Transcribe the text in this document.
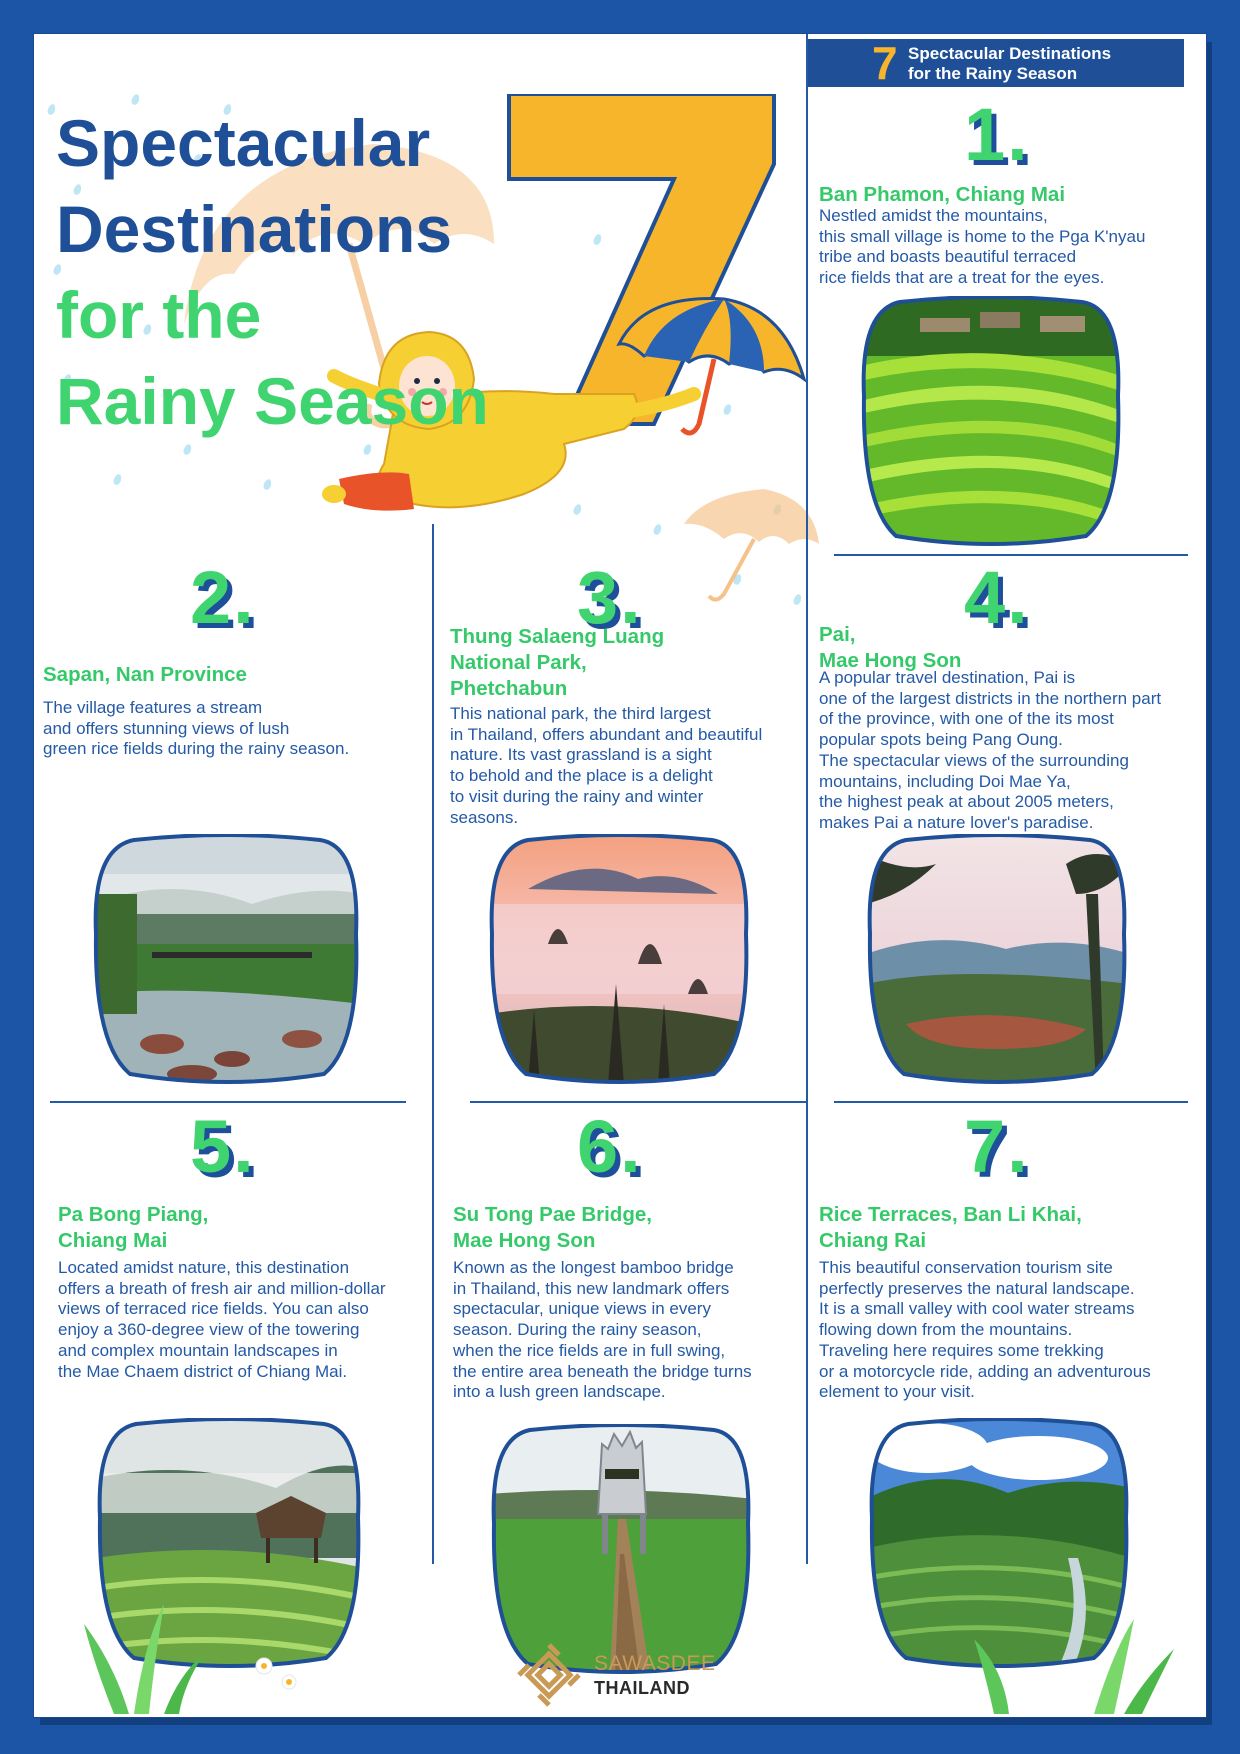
Spectacular
Destinations
for the
Rainy Season
7 Spectacular Destinations
for the Rainy Season
1.
Ban Phamon, Chiang Mai
Nestled amidst the mountains,
this small village is home to the Pga K'nyau
tribe and boasts beautiful terraced
rice fields that are a treat for the eyes.
2.
Sapan, Nan Province
The village features a stream
and offers stunning views of lush
green rice fields during the rainy season.
3.
Thung Salaeng Luang
National Park,
Phetchabun
This national park, the third largest
in Thailand, offers abundant and beautiful
nature. Its vast grassland is a sight
to behold and the place is a delight
to visit during the rainy and winter
seasons.
4.
Pai,
Mae Hong Son
A popular travel destination, Pai is
one of the largest districts in the northern part
of the province, with one of the its most
popular spots being Pang Oung.
The spectacular views of the surrounding
mountains, including Doi Mae Ya,
the highest peak at about 2005 meters,
makes Pai a nature lover's paradise.
5.
Pa Bong Piang,
Chiang Mai
Located amidst nature, this destination
offers a breath of fresh air and million-dollar
views of terraced rice fields. You can also
enjoy a 360-degree view of the towering
and complex mountain landscapes in
the Mae Chaem district of Chiang Mai.
6.
Su Tong Pae Bridge,
Mae Hong Son
Known as the longest bamboo bridge
in Thailand, this new landmark offers
spectacular, unique views in every
season. During the rainy season,
when the rice fields are in full swing,
the entire area beneath the bridge turns
into a lush green landscape.
7.
Rice Terraces, Ban Li Khai,
Chiang Rai
This beautiful conservation tourism site
perfectly preserves the natural landscape.
It is a small valley with cool water streams
flowing down from the mountains.
Traveling here requires some trekking
or a motorcycle ride, adding an adventurous
element to your visit.
SAWASDEE
THAILAND
